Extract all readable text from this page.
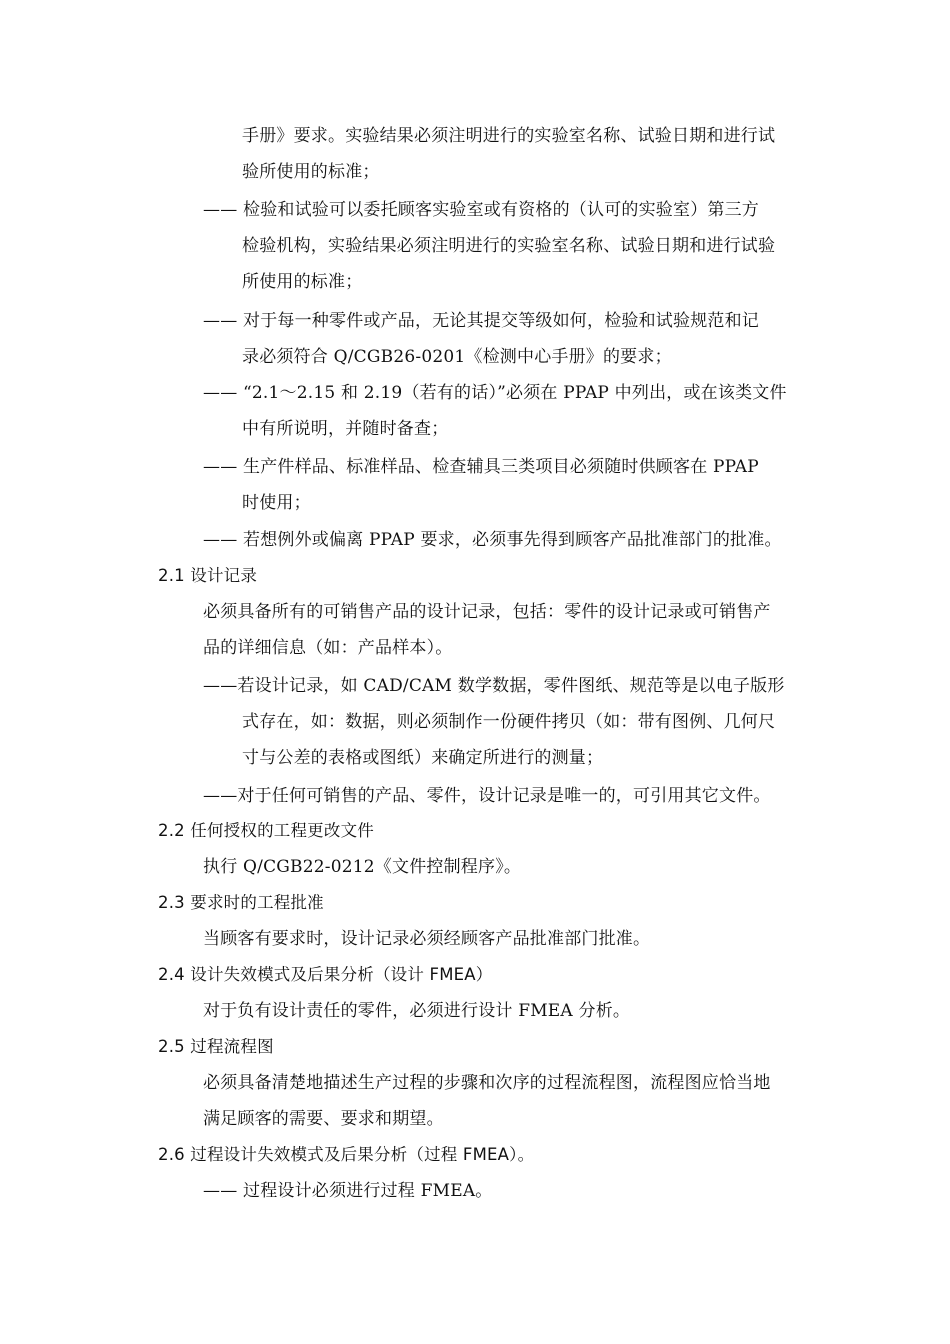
手册》要求。实验结果必须注明进行的实验室名称、试验日期和进行试
验所使用的标准；
—— 检验和试验可以委托顾客实验室或有资格的（认可的实验室）第三方
检验机构，实验结果必须注明进行的实验室名称、试验日期和进行试验
所使用的标准；
—— 对于每一种零件或产品，无论其提交等级如何，检验和试验规范和记
录必须符合 Q/CGB26-0201《检测中心手册》的要求；
—— “2.1～2.15 和 2.19（若有的话）”必须在 PPAP 中列出，或在该类文件
中有所说明，并随时备查；
—— 生产件样品、标准样品、检查辅具三类项目必须随时供顾客在 PPAP
时使用；
—— 若想例外或偏离 PPAP 要求，必须事先得到顾客产品批准部门的批准。
2.1 设计记录
必须具备所有的可销售产品的设计记录，包括：零件的设计记录或可销售产
品的详细信息（如：产品样本）。
——若设计记录，如 CAD/CAM 数学数据，零件图纸、规范等是以电子版形
式存在，如：数据，则必须制作一份硬件拷贝（如：带有图例、几何尺
寸与公差的表格或图纸）来确定所进行的测量；
——对于任何可销售的产品、零件，设计记录是唯一的，可引用其它文件。
2.2 任何授权的工程更改文件
执行 Q/CGB22-0212《文件控制程序》。
2.3 要求时的工程批准
当顾客有要求时，设计记录必须经顾客产品批准部门批准。
2.4 设计失效模式及后果分析（设计 FMEA）
对于负有设计责任的零件，必须进行设计 FMEA 分析。
2.5 过程流程图
必须具备清楚地描述生产过程的步骤和次序的过程流程图，流程图应恰当地
满足顾客的需要、要求和期望。
2.6 过程设计失效模式及后果分析（过程 FMEA）。
—— 过程设计必须进行过程 FMEA。
